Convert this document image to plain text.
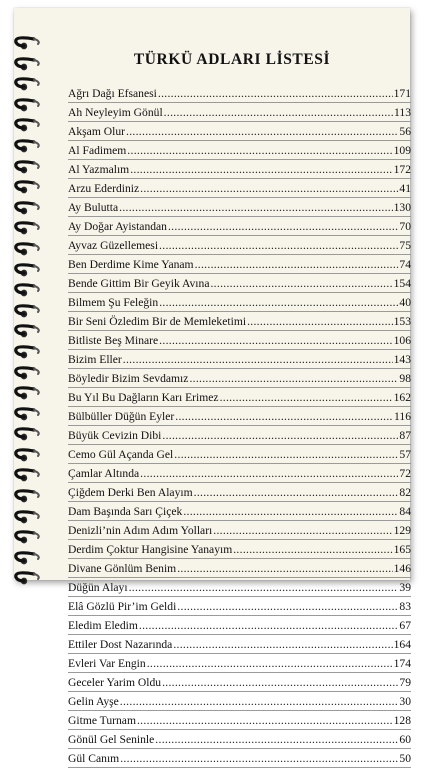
TÜRKÜ ADLARI LİSTESİ
Ağrı Dağı Efsanesi .....	171
Ah Neyleyim Gönül .....	113
Akşam Olur .....	56
Al Fadimem .....	109
Al Yazmalım .....	172
Arzu Ederdiniz .....	41
Ay Bulutta .....	130
Ay Doğar Ayistandan .....	70
Ayvaz Güzellemesi .....	75
Ben Derdime Kime Yanam .....	74
Bende Gittim Bir Geyik Avına .....	154
Bilmem Şu Feleğin .....	40
Bir Seni Özledim Bir de Memleketimi .....	153
Bitliste Beş Minare .....	106
Bizim Eller .....	143
Böyledir Bizim Sevdamız .....	98
Bu Yıl Bu Dağların Karı Erimez .....	162
Bülbüller Düğün Eyler .....	116
Büyük Cevizin Dibi .....	87
Cemo Gül Açanda Gel .....	57
Çamlar Altında .....	72
Çiğdem Derki Ben Alayım .....	82
Dam Başında Sarı Çiçek .....	84
Denizli’nin Adım Adım Yolları .....	129
Derdim Çoktur Hangisine Yanayım .....	165
Divane Gönlüm Benim .....	146
Düğün Alayı .....	39
Elâ Gözlü Pir’im Geldi .....	83
Eledim Eledim .....	67
Ettiler Dost Nazarında .....	164
Evleri Var Engin .....	174
Geceler Yarim Oldu .....	79
Gelin Ayşe .....	30
Gitme Turnam .....	128
Gönül Gel Seninle .....	60
Gül Canım .....	50
